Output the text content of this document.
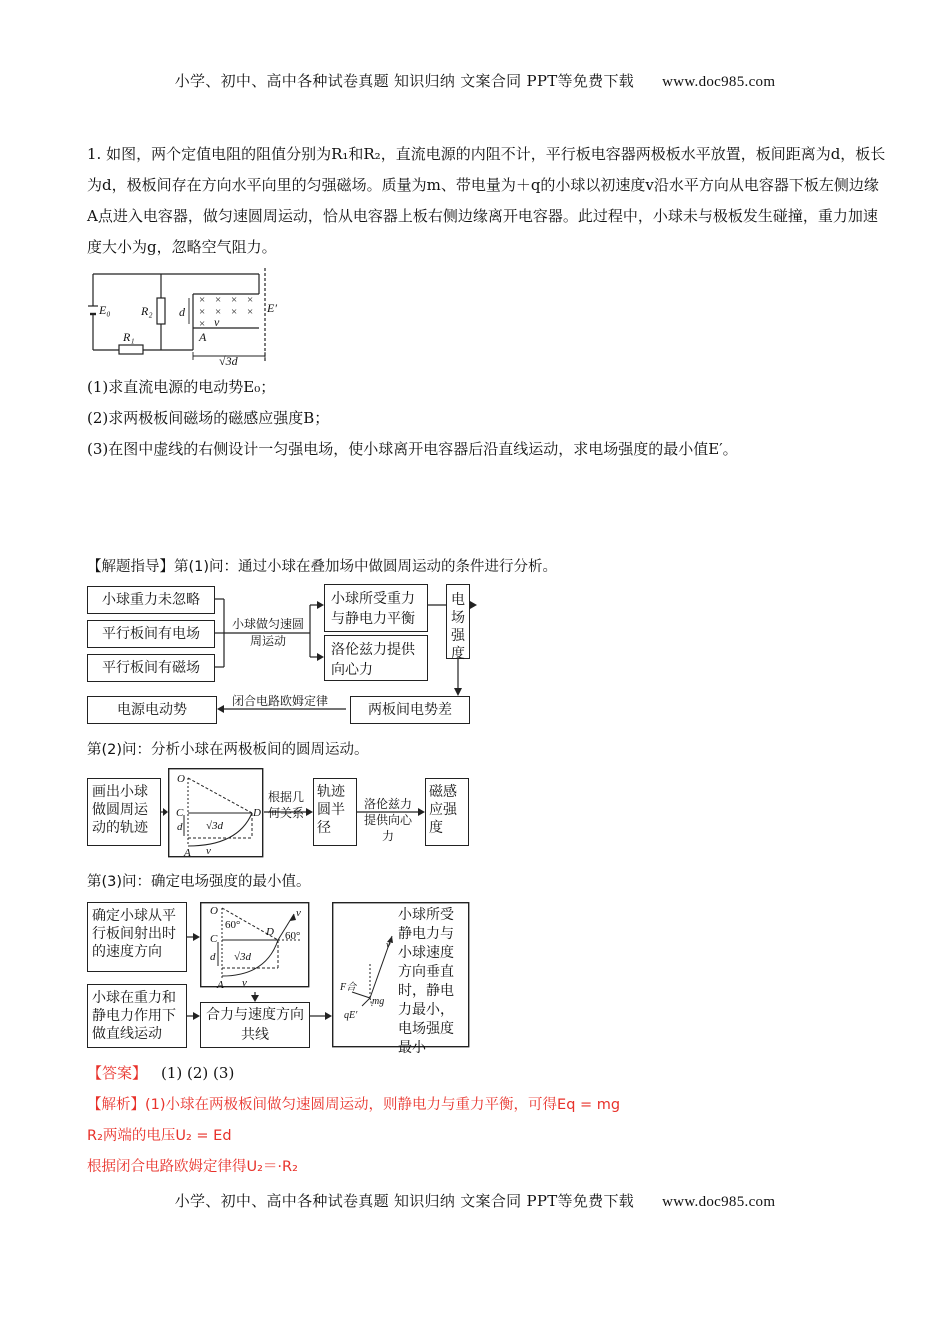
小学、初中、高中各种试卷真题 知识归纳 文案合同 PPT等免费下载 www.doc985.com
1. 如图，两个定值电阻的阻值分别为R₁和R₂，直流电源的内阻不计，平行板电容器两极板水平放置，板间距离为d，板长为d，极板间存在方向水平向里的匀强磁场。质量为m、带电量为＋q的小球以初速度v沿水平方向从电容器下板左侧边缘A点进入电容器，做匀速圆周运动，恰从电容器上板右侧边缘离开电容器。此过程中，小球未与极板发生碰撞，重力加速度大小为g，忽略空气阻力。
× × × ×
× × × ×
×
E₀
R₁
R₂ d
v
A
E′
√3d
(1)求直流电源的电动势E₀；
(2)求两极板间磁场的磁感应强度B；
(3)在图中虚线的右侧设计一匀强电场，使小球离开电容器后沿直线运动，求电场强度的最小值E′。
【解题指导】第(1)问：通过小球在叠加场中做圆周运动的条件进行分析。
小球重力未忽略
平行板间有电场
平行板间有磁场
小球做匀速圆周运动
小球所受重力与静电力平衡
洛伦兹力提供向心力
电场强度
闭合电路欧姆定律
两板间电势差
电源电动势
第(2)问：分析小球在两极板间的圆周运动。
画出小球做圆周运动的轨迹
O
C	D
d
A v
√3d
根据几何关系
轨迹圆半径
洛伦兹力提供向心力
磁感应强度
第(3)问：确定电场强度的最小值。
确定小球从平行板间射出时的速度方向
小球在重力和静电力作用下做直线运动
O
60°
60°
C
D
v
d √3d
A v
合力与速度方向共线
v
F合
qE′
mg
小球所受静电力与小球速度方向垂直时，静电力最小，电场强度最小
【答案】 (1) (2) (3)
【解析】(1)小球在两极板间做匀速圆周运动，则静电力与重力平衡，可得Eq = mg
R₂两端的电压U₂ = Ed
根据闭合电路欧姆定律得U₂＝·R₂
小学、初中、高中各种试卷真题 知识归纳 文案合同 PPT等免费下载 www.doc985.com
